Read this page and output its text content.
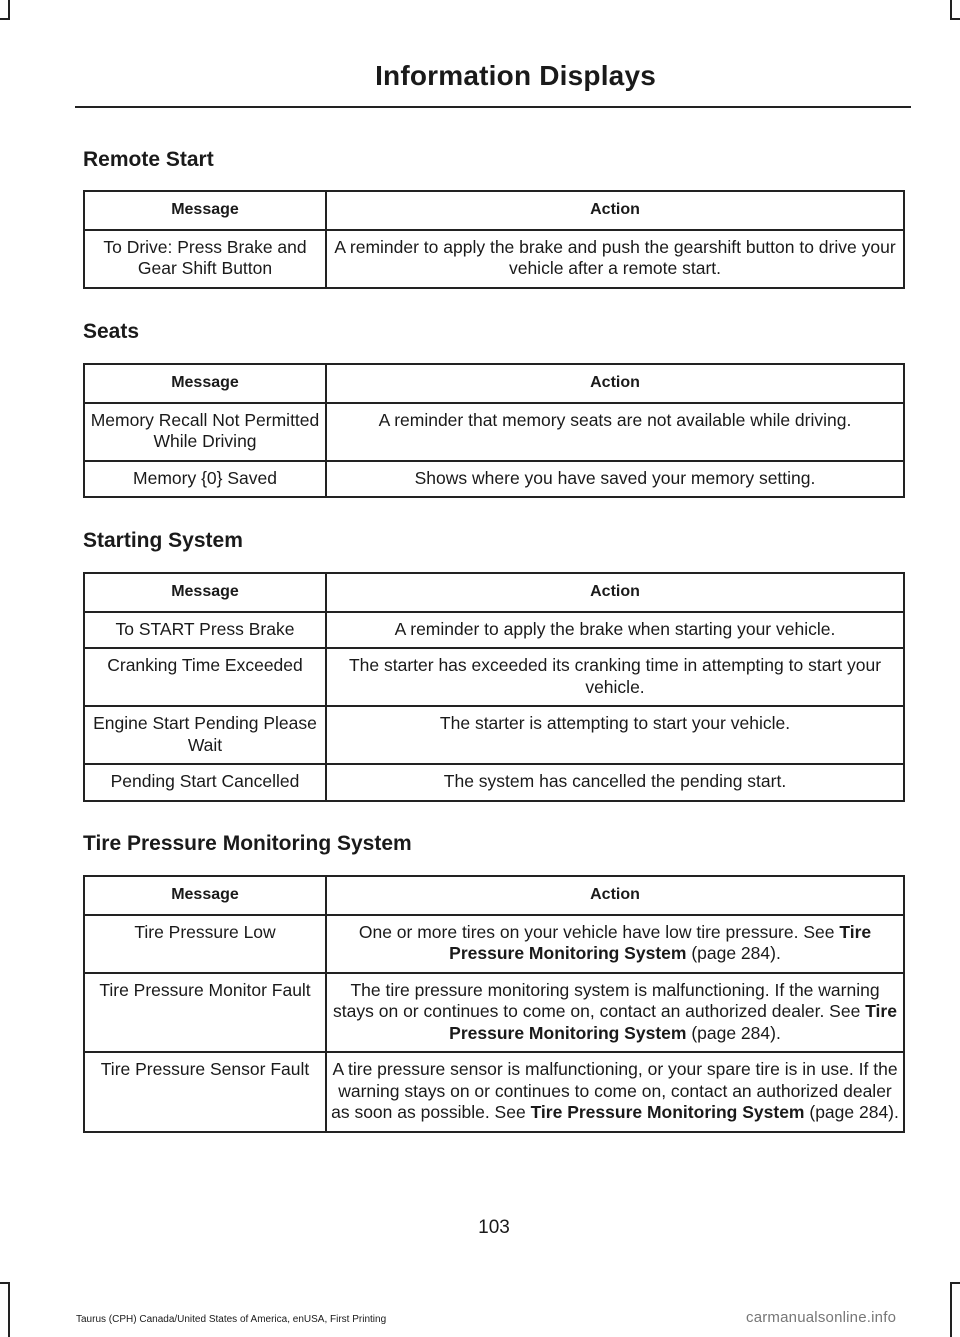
Information Displays
Remote Start
Message	Action
To Drive: Press Brake and Gear Shift Button	A reminder to apply the brake and push the gearshift button to drive your vehicle after a remote start.
Seats
Message	Action
Memory Recall Not Permitted While Driving	A reminder that memory seats are not available while driving.
Memory {0} Saved	Shows where you have saved your memory setting.
Starting System
Message	Action
To START Press Brake	A reminder to apply the brake when starting your vehicle.
Cranking Time Exceeded	The starter has exceeded its cranking time in attempting to start your vehicle.
Engine Start Pending Please Wait	The starter is attempting to start your vehicle.
Pending Start Cancelled	The system has cancelled the pending start.
Tire Pressure Monitoring System
Message	Action
Tire Pressure Low	One or more tires on your vehicle have low tire pressure. See Tire Pressure Monitoring System (page 284).
Tire Pressure Monitor Fault	The tire pressure monitoring system is malfunctioning. If the warning stays on or continues to come on, contact an authorized dealer. See Tire Pressure Monitoring System (page 284).
Tire Pressure Sensor Fault	A tire pressure sensor is malfunctioning, or your spare tire is in use. If the warning stays on or continues to come on, contact an authorized dealer as soon as possible. See Tire Pressure Monitoring System (page 284).
103
Taurus (CPH) Canada/United States of America, enUSA, First Printing	carmanualsonline.info
